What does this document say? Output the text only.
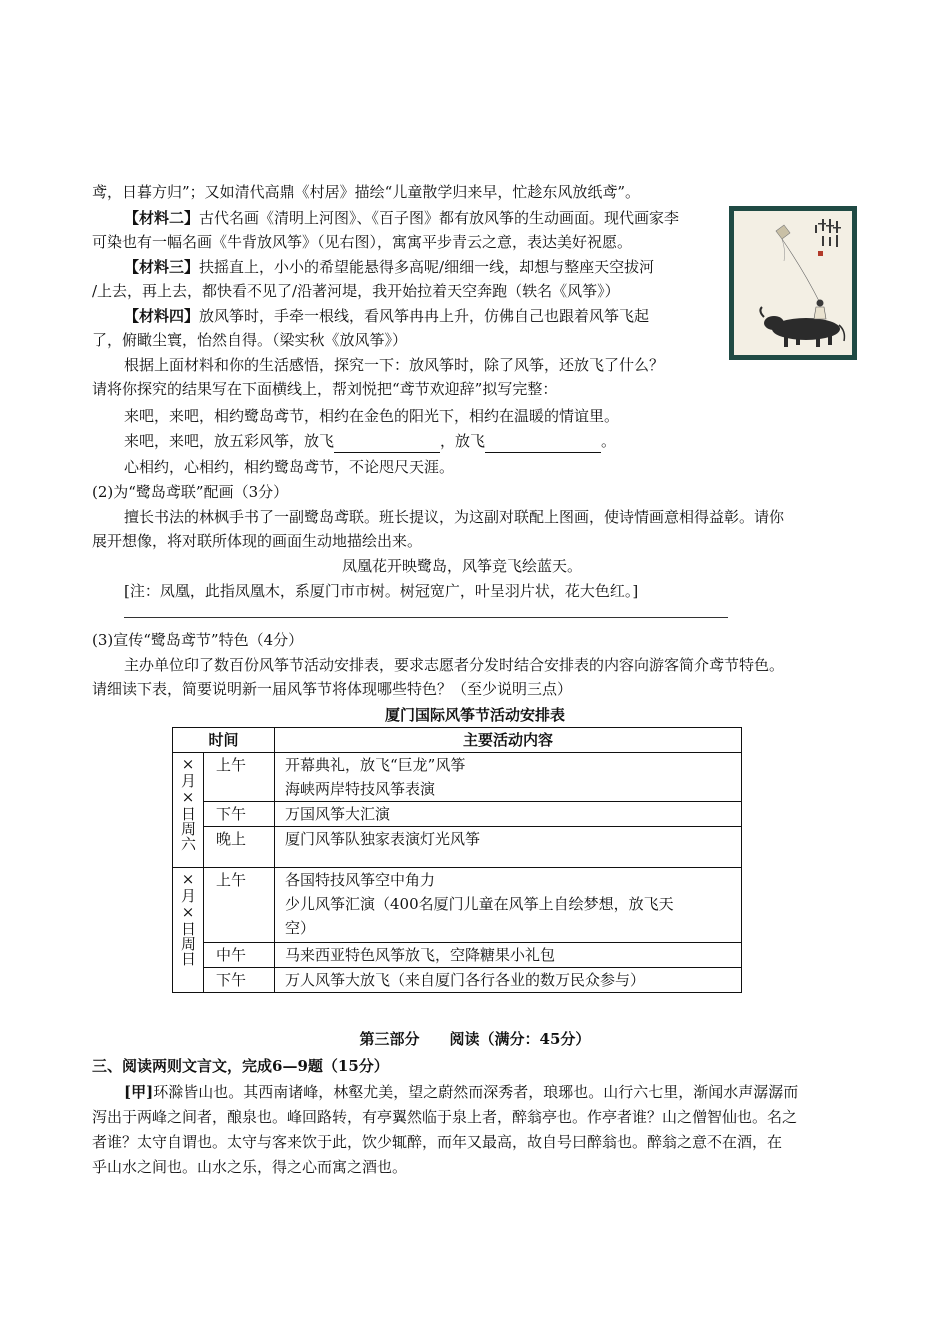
鸢，日暮方归”；又如清代高鼎《村居》描绘“儿童散学归来早，忙趁东风放纸鸢”。
【材料二】古代名画《清明上河图》、《百子图》都有放风筝的生动画面。现代画家李
可染也有一幅名画《牛背放风筝》（见右图），寓寓平步青云之意，表达美好祝愿。
【材料三】扶摇直上，小小的希望能悬得多高呢/细细一线，却想与整座天空拔河
/上去，再上去，都快看不见了/沿著河堤，我开始拉着天空奔跑（轶名《风筝》）
【材料四】放风筝时，手牵一根线，看风筝冉冉上升，仿佛自己也跟着风筝飞起
了，俯瞰尘寰，怡然自得。（梁实秋《放风筝》）
根据上面材料和你的生活感悟，探究一下：放风筝时，除了风筝，还放飞了什么？
请将你探究的结果写在下面横线上，帮刘悦把“鸢节欢迎辞”拟写完整：
来吧，来吧，相约鹭岛鸢节，相约在金色的阳光下，相约在温暖的情谊里。
来吧，来吧，放五彩风筝，放飞	，放飞	。
心相约，心相约，相约鹭岛鸢节，不论咫尺天涯。
(2)为“鹭岛鸢联”配画（3分）
擅长书法的林枫手书了一副鹭岛鸢联。班长提议，为这副对联配上图画，使诗情画意相得益彰。请你
展开想像，将对联所体现的画面生动地描绘出来。
凤凰花开映鹭岛，风筝竞飞绘蓝天。
[注：凤凰，此指凤凰木，系厦门市市树。树冠宽广，叶呈羽片状，花大色红。]
(3)宣传“鹭岛鸢节”特色（4分）
主办单位印了数百份风筝节活动安排表，要求志愿者分发时结合安排表的内容向游客简介鸢节特色。
请细读下表，简要说明新一届风筝节将体现哪些特色？（至少说明三点）
厦门国际风筝节活动安排表
时间		主要活动内容
×月×日周六	上午	开幕典礼，放飞“巨龙”风筝
海峡两岸特技风筝表演

	下午	万国风筝大汇演

	晚上	厦门风筝队独家表演灯光风筝

×月×日周日	上午	各国特技风筝空中角力
少儿风筝汇演（400名厦门儿童在风筝上自绘梦想，放飞天
空）

	中午	马来西亚特色风筝放飞，空降糖果小礼包

	下午	万人风筝大放飞（来自厦门各行各业的数万民众参与）
第三部分　　阅读（满分：45分）
三、阅读两则文言文，完成6—9题（15分）
[甲]环滁皆山也。其西南诸峰，林壑尤美，望之蔚然而深秀者，琅琊也。山行六七里，渐闻水声潺潺而
泻出于两峰之间者，酿泉也。峰回路转，有亭翼然临于泉上者，醉翁亭也。作亭者谁？山之僧智仙也。名之
者谁？太守自谓也。太守与客来饮于此，饮少辄醉，而年又最高，故自号曰醉翁也。醉翁之意不在酒，在
乎山水之间也。山水之乐，得之心而寓之酒也。
